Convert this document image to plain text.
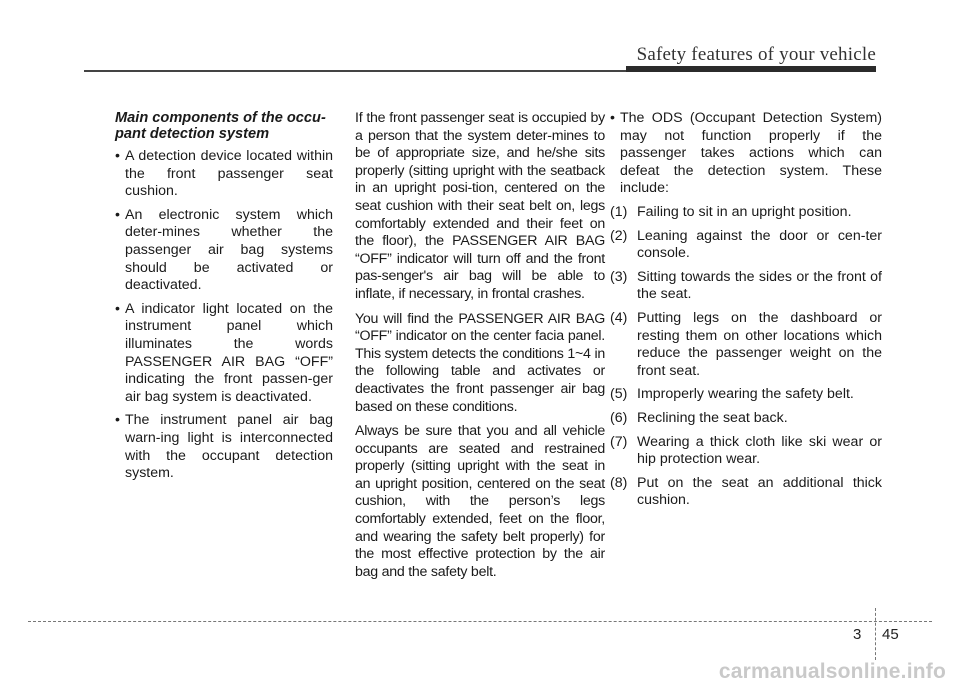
Safety features of your vehicle
Main components of the occu-pant detection system
• A detection device located within the front passenger seat cushion.
• An electronic system which deter-mines whether the passenger air bag systems should be activated or deactivated.
• A indicator light located on the instrument panel which illuminates the words PASSENGER AIR BAG “OFF” indicating the front passen-ger air bag system is deactivated.
• The instrument panel air bag warn-ing light is interconnected with the occupant detection system.

If the front passenger seat is occupied by a person that the system deter-mines to be of appropriate size, and he/she sits properly (sitting upright with the seatback in an upright posi-tion, centered on the seat cushion with their seat belt on, legs comfortably extended and their feet on the floor), the PASSENGER AIR BAG “OFF” indicator will turn off and the front pas-senger's air bag will be able to inflate, if necessary, in frontal crashes.

You will find the PASSENGER AIR BAG “OFF” indicator on the center facia panel. This system detects the conditions 1~4 in the following table and activates or deactivates the front passenger air bag based on these conditions.

Always be sure that you and all vehicle occupants are seated and restrained properly (sitting upright with the seat in an upright position, centered on the seat cushion, with the person’s legs comfortably extended, feet on the floor, and wearing the safety belt properly) for the most effective protection by the air bag and the safety belt.

• The ODS (Occupant Detection System) may not function properly if the passenger takes actions which can defeat the detection system. These include:
(1) Failing to sit in an upright position.
(2) Leaning against the door or cen-ter console.
(3) Sitting towards the sides or the front of the seat.
(4) Putting legs on the dashboard or resting them on other locations which reduce the passenger weight on the front seat.
(5) Improperly wearing the safety belt.
(6) Reclining the seat back.
(7) Wearing a thick cloth like ski wear or hip protection wear.
(8) Put on the seat an additional thick cushion.
3 45
carmanualsonline.info
